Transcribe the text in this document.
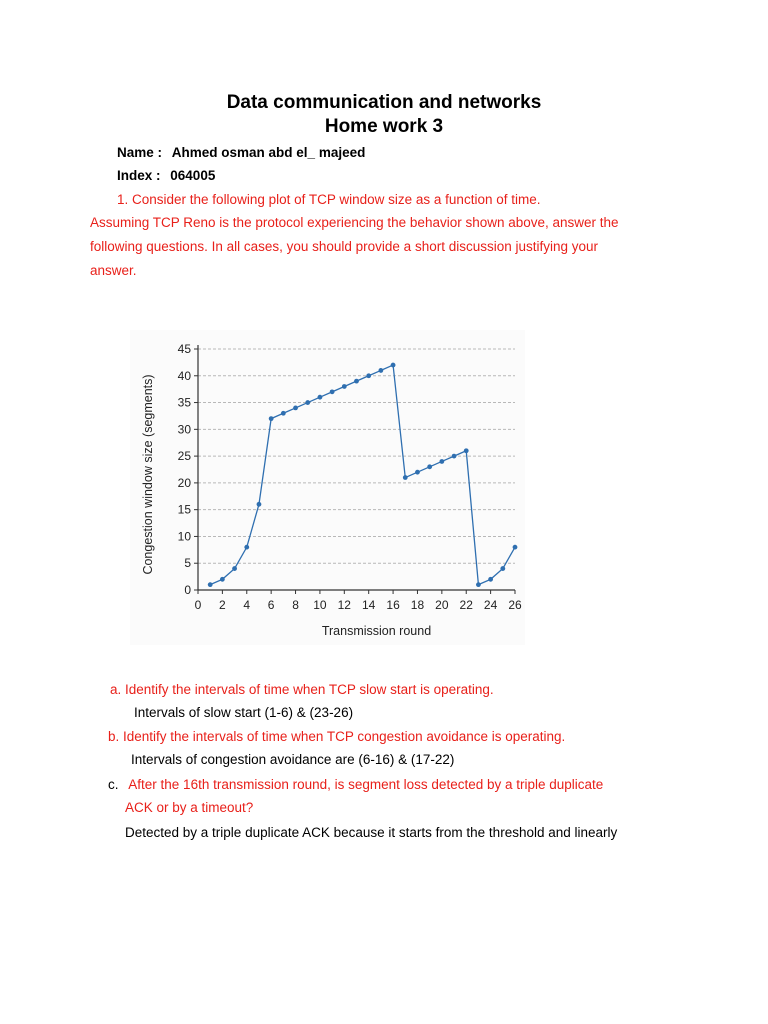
Data communication and networks
Home work 3
Name : Ahmed osman abd el_ majeed
Index : 064005
1. Consider the following plot of TCP window size as a function of time.
Assuming TCP Reno is the protocol experiencing the behavior shown above, answer the
following questions. In all cases, you should provide a short discussion justifying your
answer.
0
5
10
15
20
25
30
35
40
45
0 2 4 6 8 10 12 14 16 18 20 22 24 26
Transmission round
Congestion window size (segments)
a. Identify the intervals of time when TCP slow start is operating.
Intervals of slow start (1-6) & (23-26)
b. Identify the intervals of time when TCP congestion avoidance is operating.
Intervals of congestion avoidance are (6-16) & (17-22)
c. After the 16th transmission round, is segment loss detected by a triple duplicate
ACK or by a timeout?
Detected by a triple duplicate ACK because it starts from the threshold and linearly
